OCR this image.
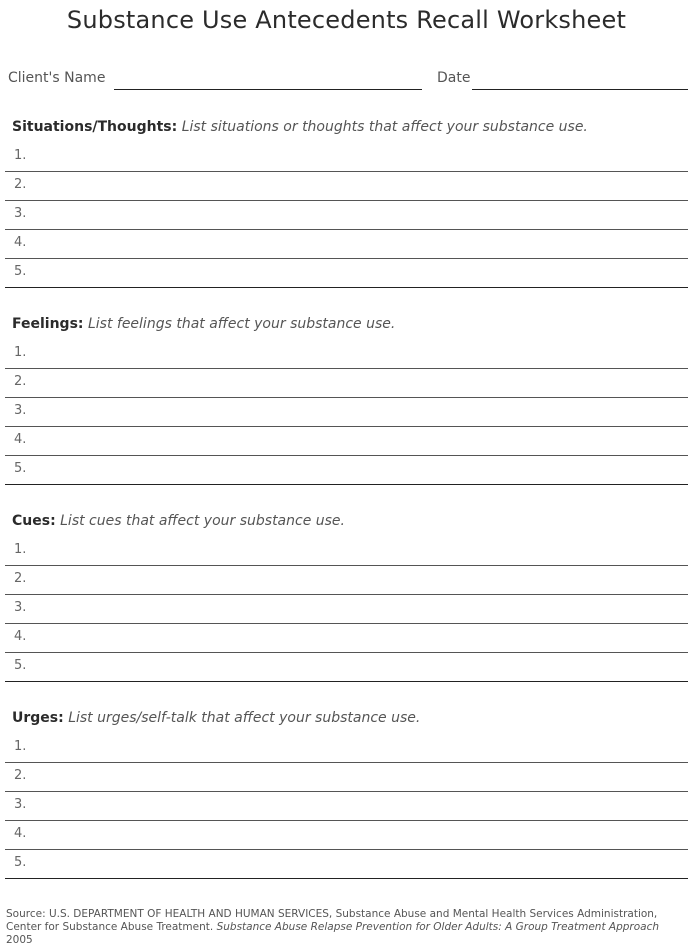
Substance Use Antecedents Recall Worksheet
Client's Name	Date
Situations/Thoughts: List situations or thoughts that affect your substance use.
1.
2.
3.
4.
5.
Feelings: List feelings that affect your substance use.
1.
2.
3.
4.
5.
Cues: List cues that affect your substance use.
1.
2.
3.
4.
5.
Urges: List urges/self-talk that affect your substance use.
1.
2.
3.
4.
5.
Source: U.S. DEPARTMENT OF HEALTH AND HUMAN SERVICES, Substance Abuse and Mental Health Services Administration, Center for Substance Abuse Treatment. Substance Abuse Relapse Prevention for Older Adults: A Group Treatment Approach 2005
